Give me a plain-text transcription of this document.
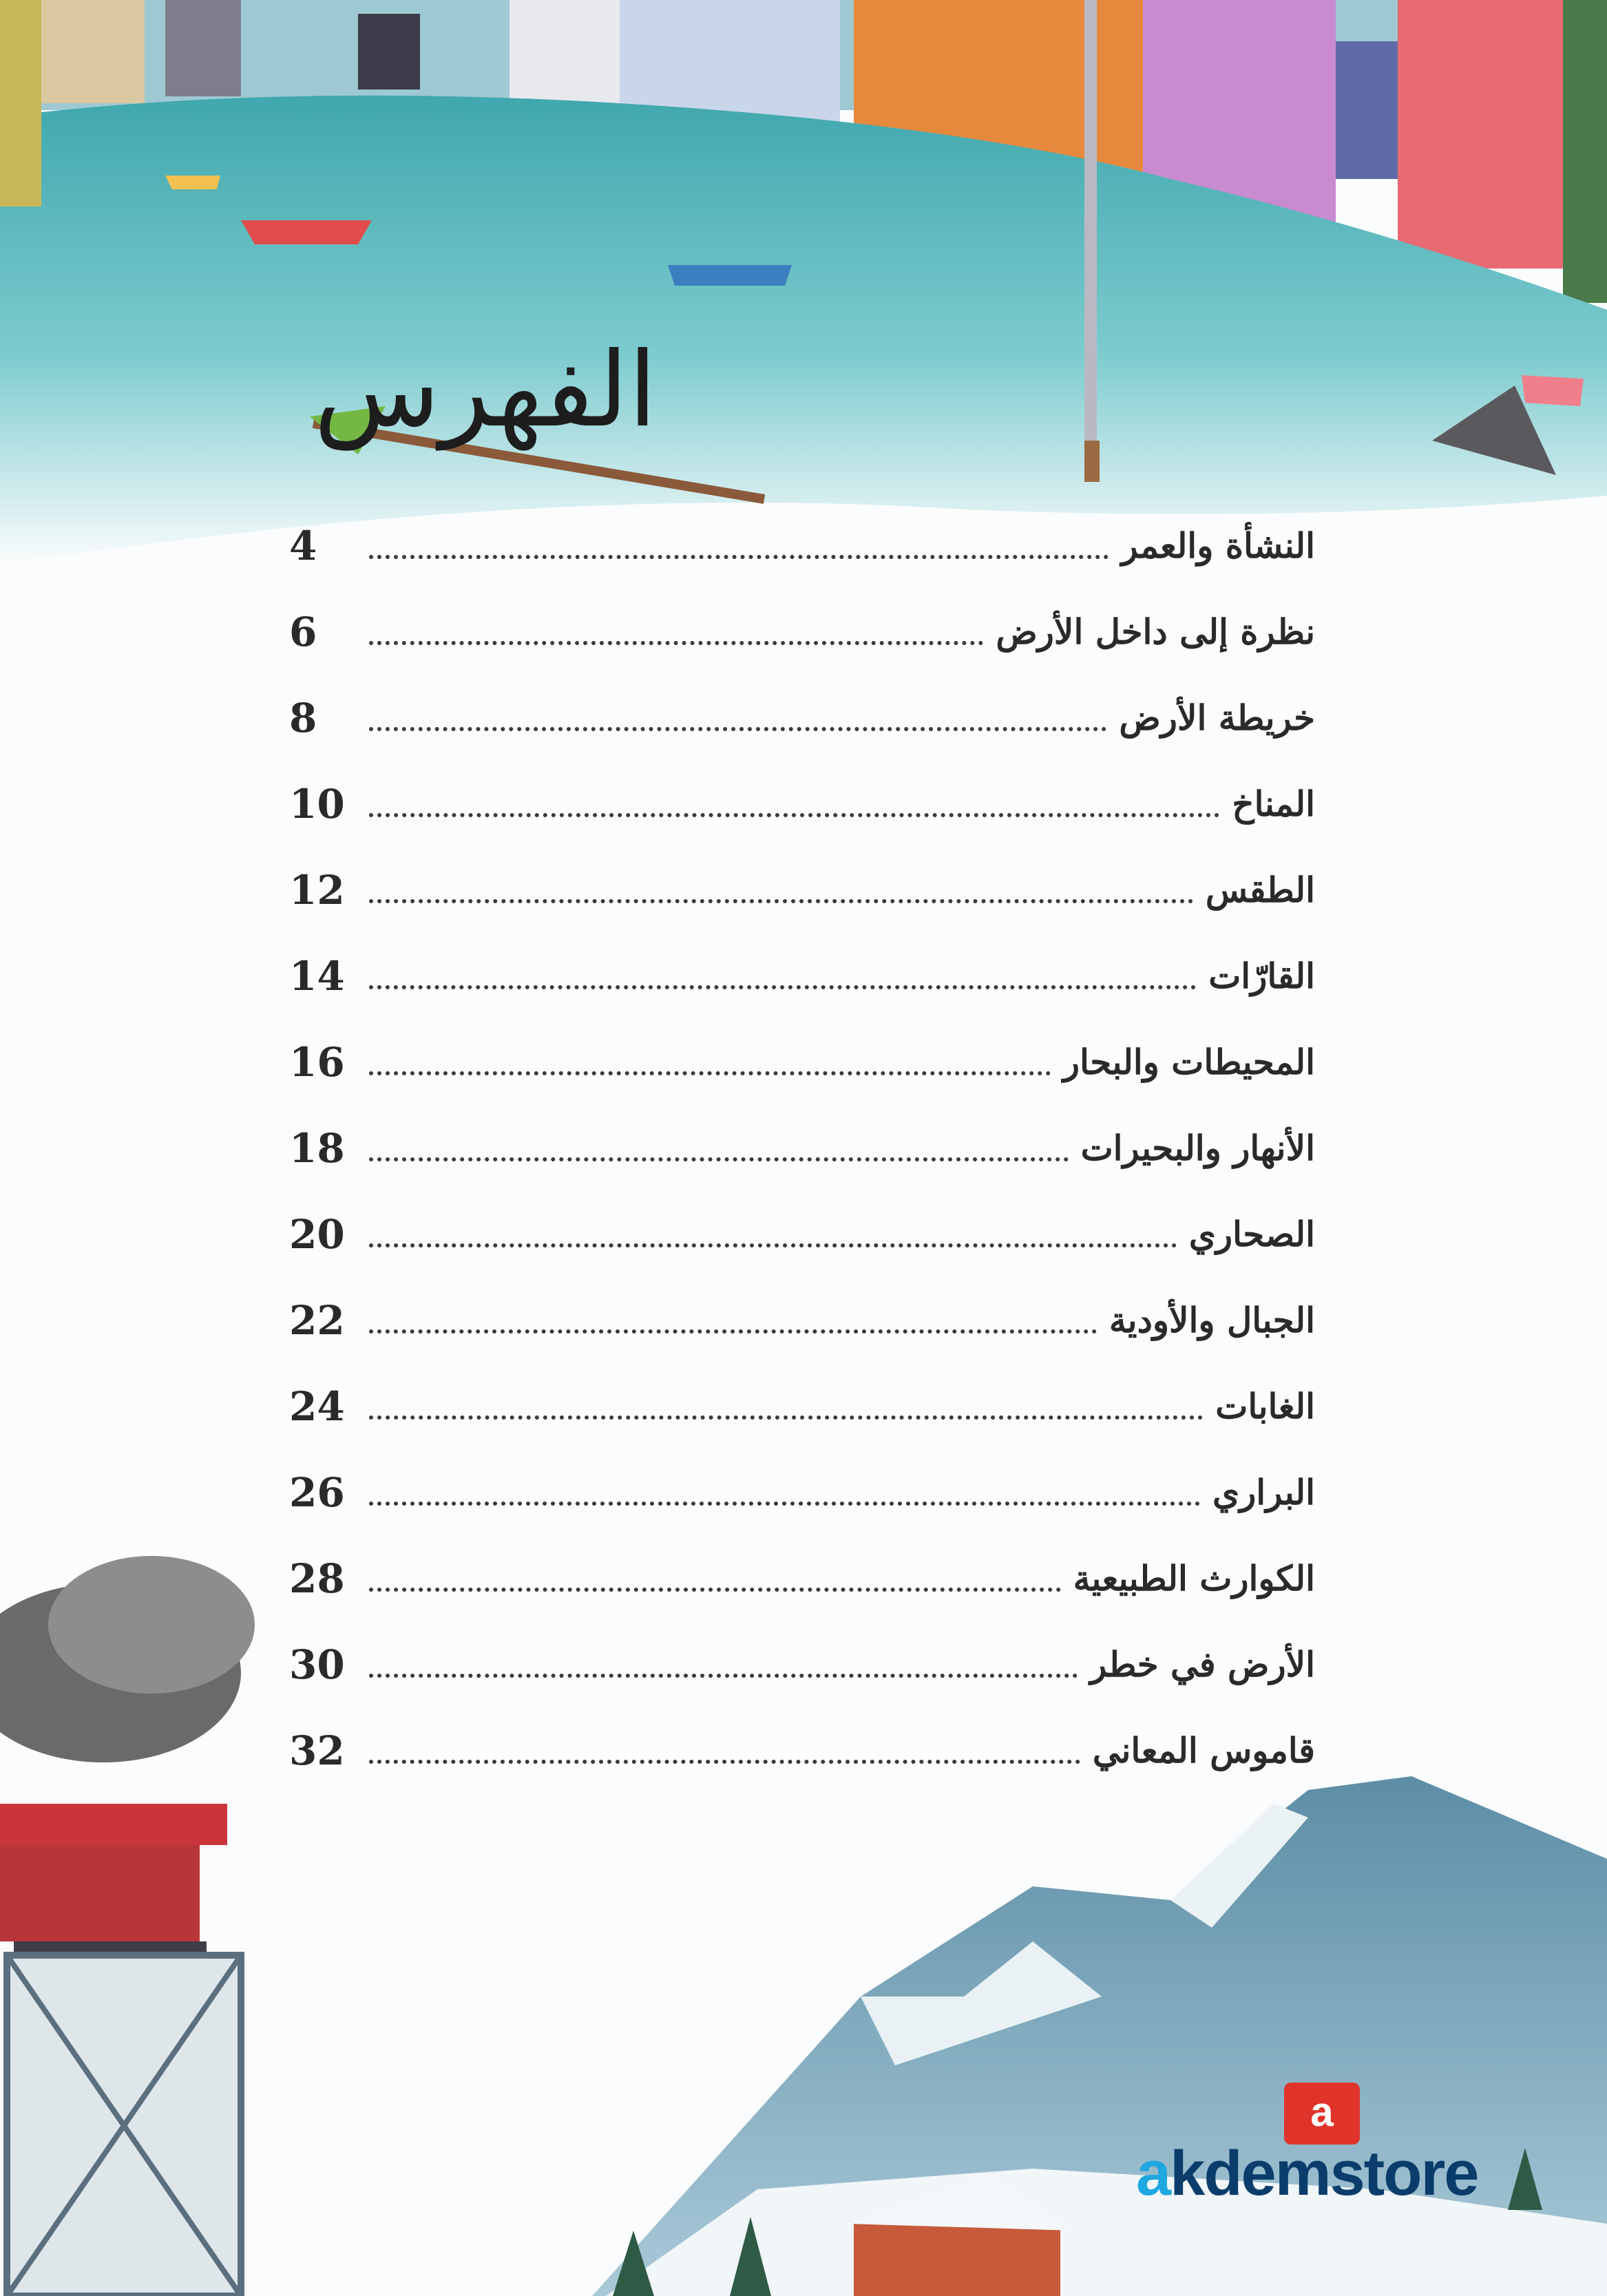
الفهرس
النشأة والعمر
4
نظرة إلى داخل الأرض
6
خريطة الأرض
8
المناخ
10
الطقس
12
القارّات
14
المحيطات والبحار
16
الأنهار والبحيرات
18
الصحاري
20
الجبال والأودية
22
الغابات
24
البراري
26
الكوارث الطبيعية
28
الأرض في خطر
30
قاموس المعاني
32
a
akdemstore
